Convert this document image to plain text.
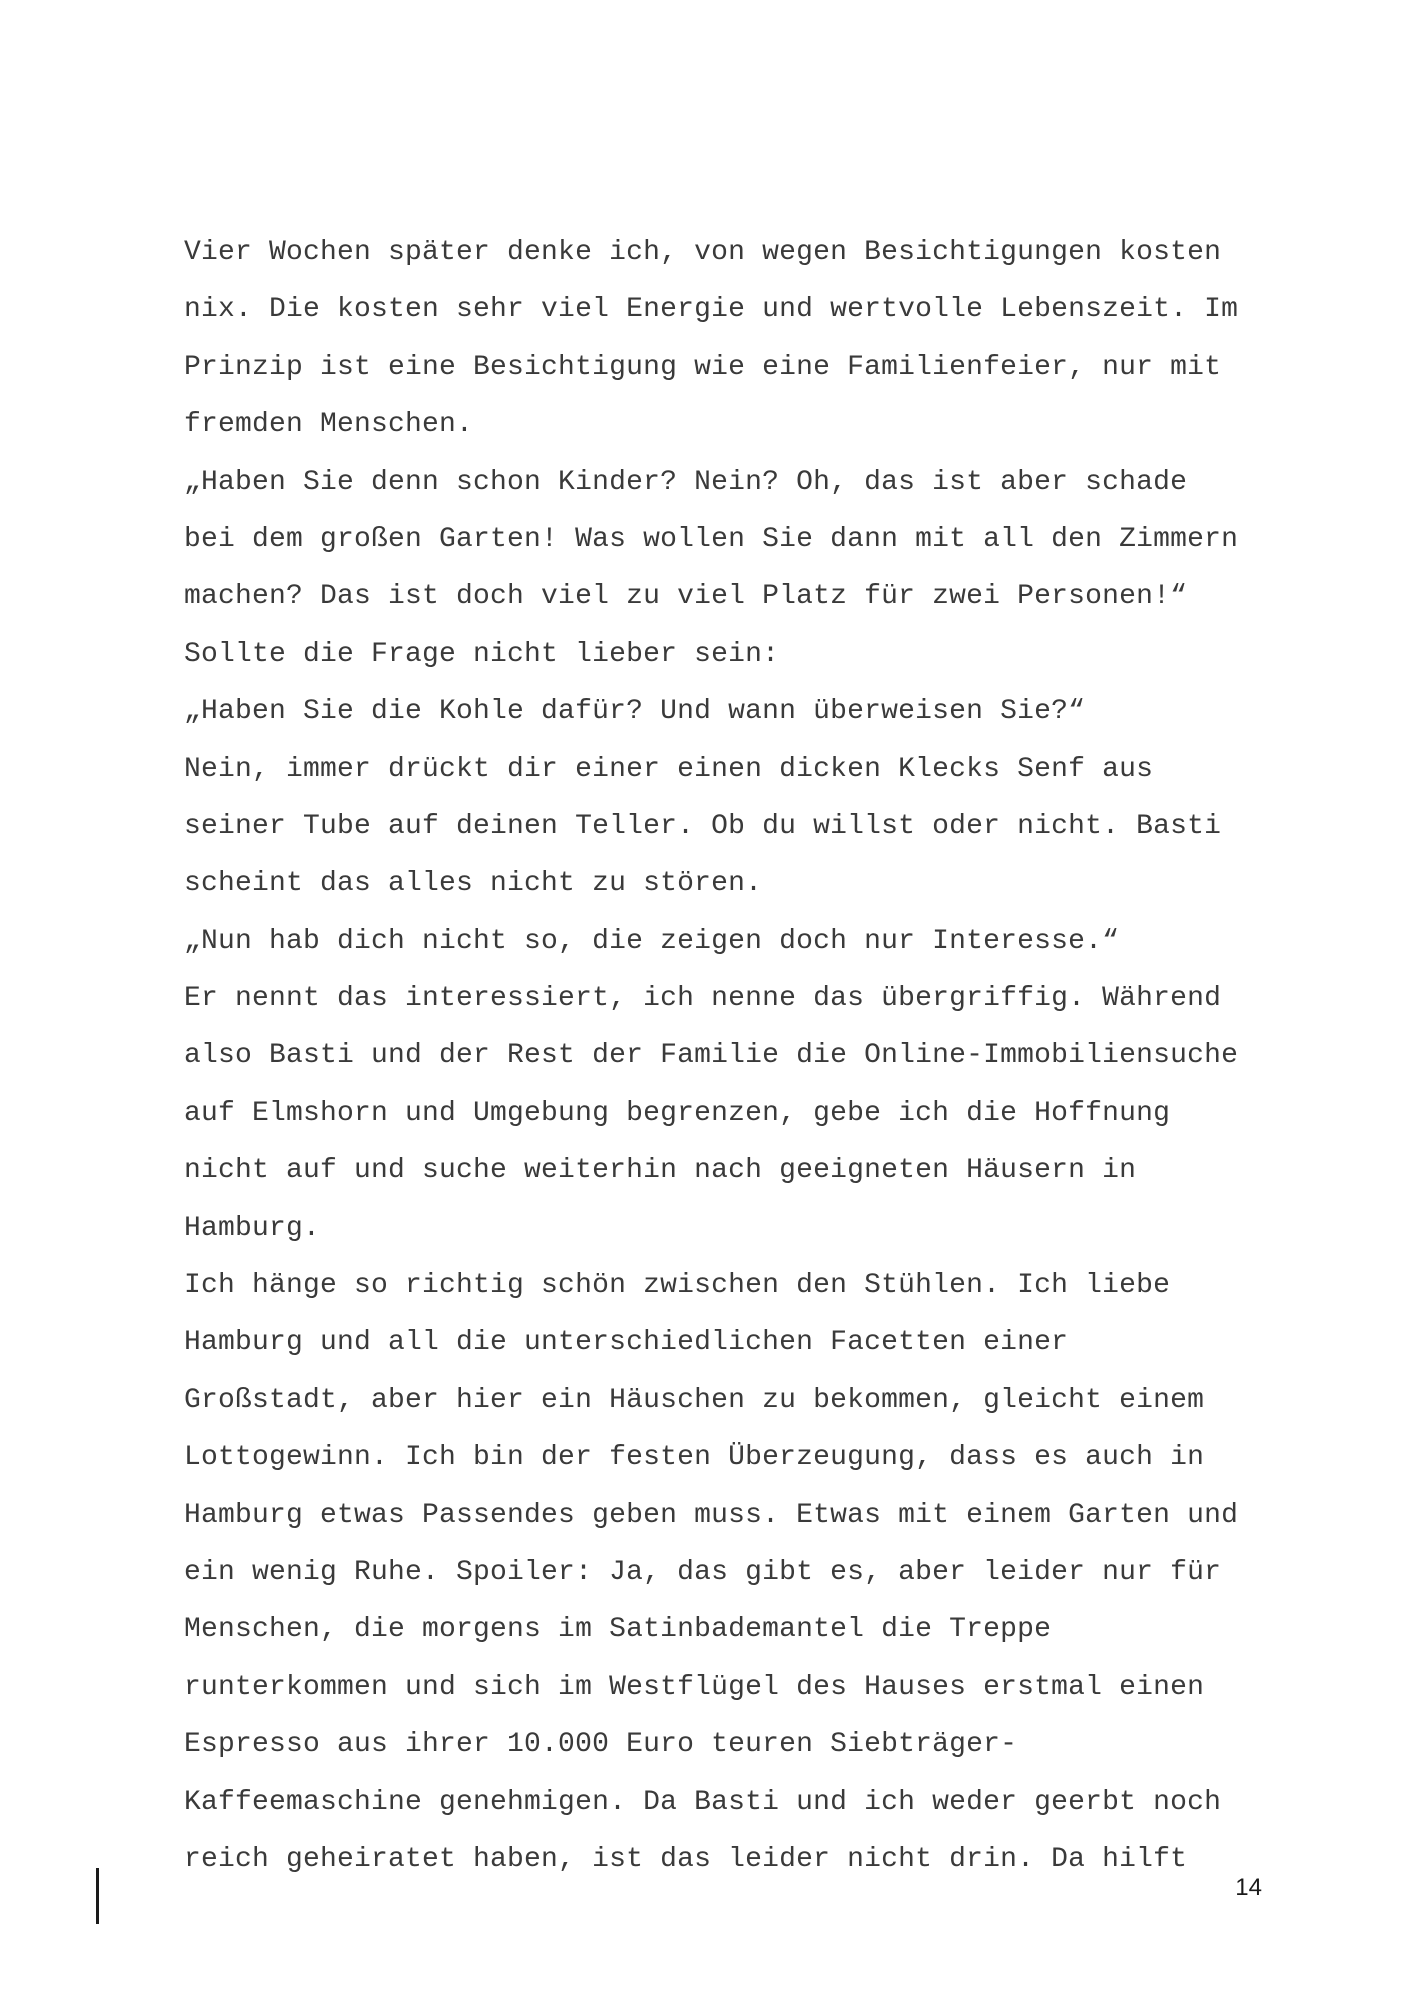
Vier Wochen später denke ich, von wegen Besichtigungen kosten
nix. Die kosten sehr viel Energie und wertvolle Lebenszeit. Im
Prinzip ist eine Besichtigung wie eine Familienfeier, nur mit
fremden Menschen.
„Haben Sie denn schon Kinder? Nein? Oh, das ist aber schade
bei dem großen Garten! Was wollen Sie dann mit all den Zimmern
machen? Das ist doch viel zu viel Platz für zwei Personen!“
Sollte die Frage nicht lieber sein:
„Haben Sie die Kohle dafür? Und wann überweisen Sie?“
Nein, immer drückt dir einer einen dicken Klecks Senf aus
seiner Tube auf deinen Teller. Ob du willst oder nicht. Basti
scheint das alles nicht zu stören.
„Nun hab dich nicht so, die zeigen doch nur Interesse.“
Er nennt das interessiert, ich nenne das übergriffig. Während
also Basti und der Rest der Familie die Online-Immobiliensuche
auf Elmshorn und Umgebung begrenzen, gebe ich die Hoffnung
nicht auf und suche weiterhin nach geeigneten Häusern in
Hamburg.
Ich hänge so richtig schön zwischen den Stühlen. Ich liebe
Hamburg und all die unterschiedlichen Facetten einer
Großstadt, aber hier ein Häuschen zu bekommen, gleicht einem
Lottogewinn. Ich bin der festen Überzeugung, dass es auch in
Hamburg etwas Passendes geben muss. Etwas mit einem Garten und
ein wenig Ruhe. Spoiler: Ja, das gibt es, aber leider nur für
Menschen, die morgens im Satinbademantel die Treppe
runterkommen und sich im Westflügel des Hauses erstmal einen
Espresso aus ihrer 10.000 Euro teuren Siebträger-
Kaffeemaschine genehmigen. Da Basti und ich weder geerbt noch
reich geheiratet haben, ist das leider nicht drin. Da hilft
14
